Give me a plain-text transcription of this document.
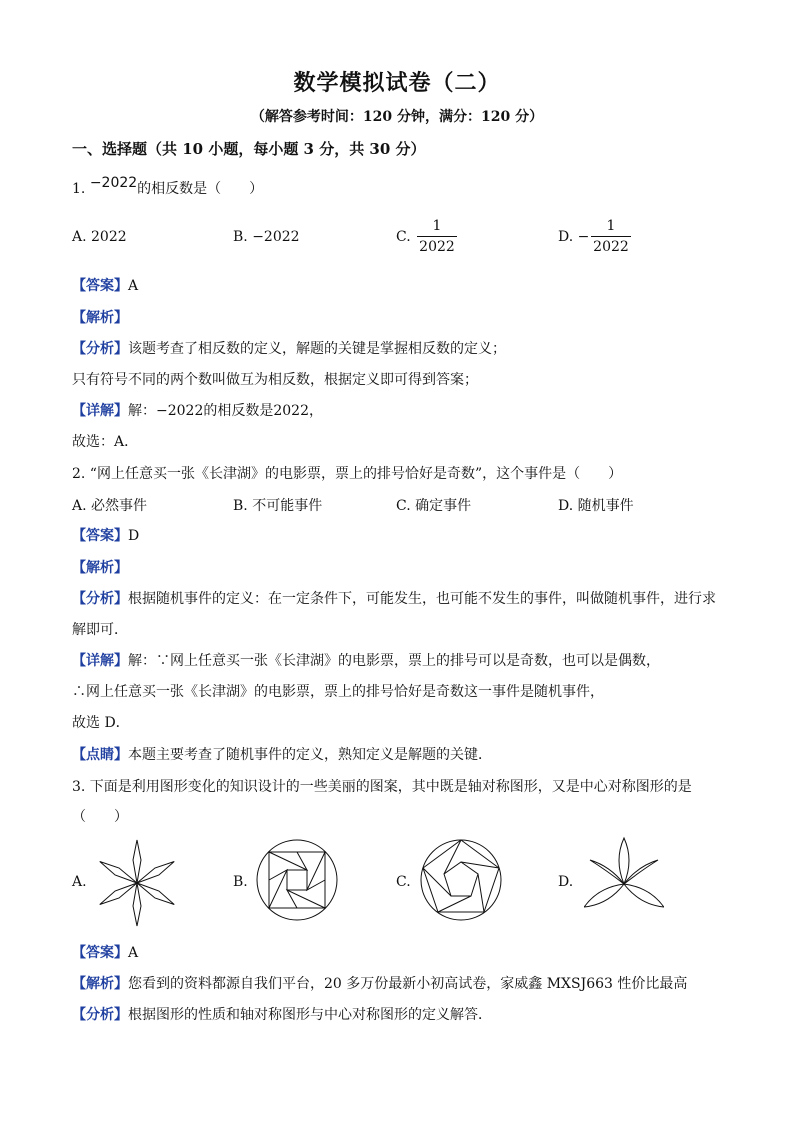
数学模拟试卷（二）
（解答参考时间：120 分钟，满分：120 分）
一、选择题（共 10 小题，每小题 3 分，共 30 分）
1. −2022的相反数是（　　）
A. 2022	B. −2022	C.
1
2022
D. −
1
2022
【答案】A
【解析】
【分析】该题考查了相反数的定义，解题的关键是掌握相反数的定义；
只有符号不同的两个数叫做互为相反数，根据定义即可得到答案；
【详解】解：−2022的相反数是2022，
故选：A．
2. “网上任意买一张《长津湖》的电影票，票上的排号恰好是奇数”，这个事件是（　　）
A. 必然事件	B. 不可能事件	C. 确定事件	D. 随机事件
【答案】D
【解析】
【分析】根据随机事件的定义：在一定条件下，可能发生，也可能不发生的事件，叫做随机事件，进行求
解即可．
【详解】解：∵网上任意买一张《长津湖》的电影票，票上的排号可以是奇数，也可以是偶数，
∴网上任意买一张《长津湖》的电影票，票上的排号恰好是奇数这一事件是随机事件，
故选 D．
【点睛】本题主要考查了随机事件的定义，熟知定义是解题的关键．
3. 下面是利用图形变化的知识设计的一些美丽的图案，其中既是轴对称图形，又是中心对称图形的是
（　　）
A.	B.	C.	D.
【答案】A
【解析】您看到的资料都源自我们平台，20 多万份最新小初高试卷，家威鑫 MXSJ663 性价比最高
【分析】根据图形的性质和轴对称图形与中心对称图形的定义解答．
